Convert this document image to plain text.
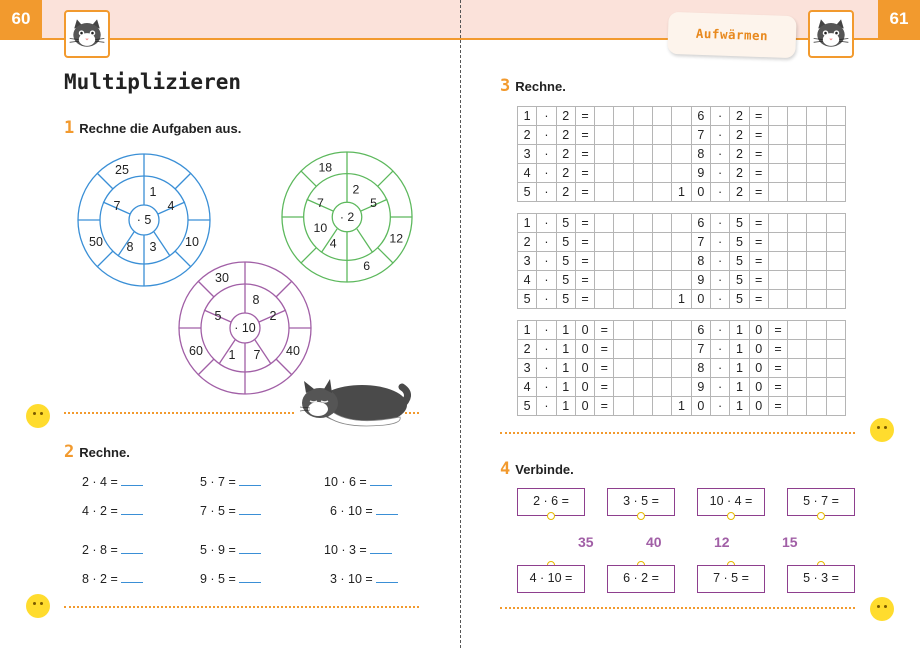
60	61
Aufwärmen
Multiplizieren
1 Rechne die Aufgaben aus.
· 5
1
4
3
8
7
25
10
50
· 2
2
5
4
10
7
18
12
6
· 10
8
2
7
1
5
30
40
60
2 Rechne.
2 · 4 =	5 · 7 =	10 · 6 =
4 · 2 =	7 · 5 =	6 · 10 =
2 · 8 =	5 · 9 =	10 · 3 =
8 · 2 =	9 · 5 =	3 · 10 =
3 Rechne.
1	·	2	=						6	·	2	=				
2	·	2	=						7	·	2	=				
3	·	2	=						8	·	2	=				
4	·	2	=						9	·	2	=				
5	·	2	=					1	0	·	2	=				
1	·	5	=						6	·	5	=				
2	·	5	=						7	·	5	=				
3	·	5	=						8	·	5	=				
4	·	5	=						9	·	5	=				
5	·	5	=					1	0	·	5	=				
1	·	1	0	=					6	·	1	0	=			
2	·	1	0	=					7	·	1	0	=			
3	·	1	0	=					8	·	1	0	=			
4	·	1	0	=					9	·	1	0	=			
5	·	1	0	=				1	0	·	1	0	=			
4 Verbinde.
2 · 6 =	3 · 5 =	10 · 4 =	5 · 7 =
35	40	12	15
4 · 10 =	6 · 2 =	7 · 5 =	5 · 3 =
